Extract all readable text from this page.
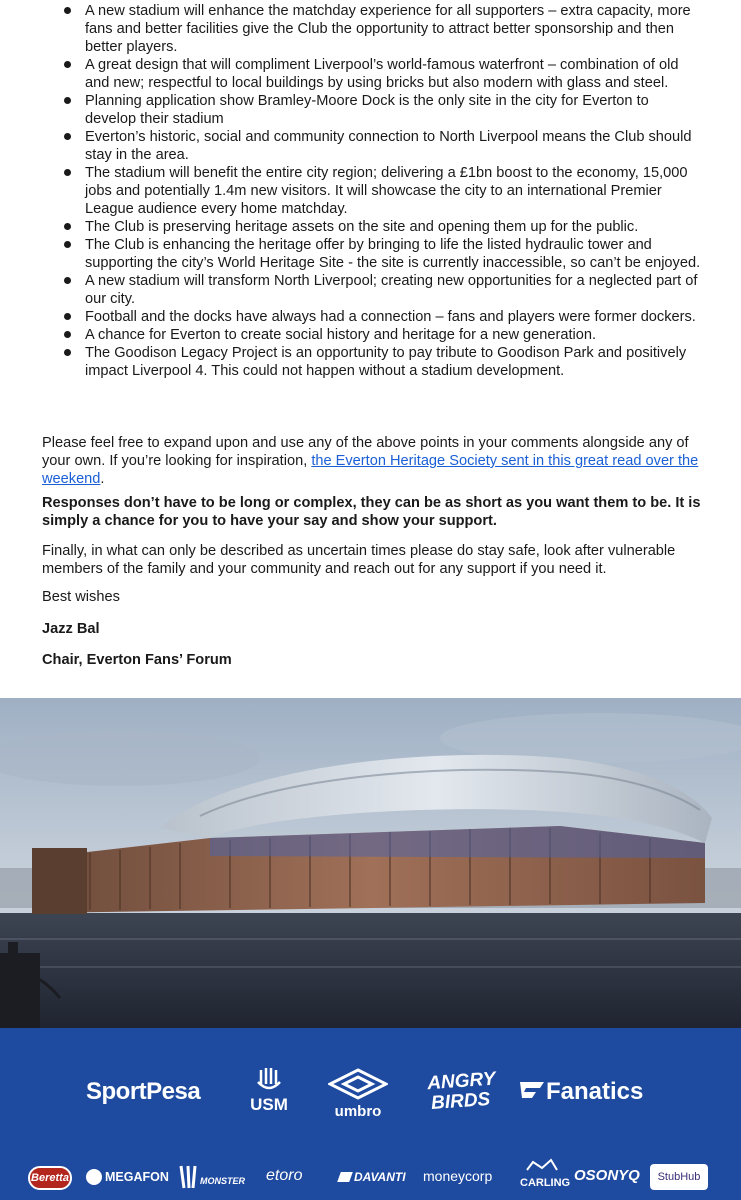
A new stadium will enhance the matchday experience for all supporters – extra capacity, more fans and better facilities give the Club the opportunity to attract better sponsorship and then better players.
A great design that will compliment Liverpool’s world-famous waterfront – combination of old and new; respectful to local buildings by using bricks but also modern with glass and steel.
Planning application show Bramley-Moore Dock is the only site in the city for Everton to develop their stadium
Everton’s historic, social and community connection to North Liverpool means the Club should stay in the area.
The stadium will benefit the entire city region; delivering a £1bn boost to the economy, 15,000 jobs and potentially 1.4m new visitors. It will showcase the city to an international Premier League audience every home matchday.
The Club is preserving heritage assets on the site and opening them up for the public.
The Club is enhancing the heritage offer by bringing to life the listed hydraulic tower and supporting the city’s World Heritage Site - the site is currently inaccessible, so can’t be enjoyed.
A new stadium will transform North Liverpool; creating new opportunities for a neglected part of our city.
Football and the docks have always had a connection – fans and players were former dockers.
A chance for Everton to create social history and heritage for a new generation.
The Goodison Legacy Project is an opportunity to pay tribute to Goodison Park and positively impact Liverpool 4. This could not happen without a stadium development.

Please feel free to expand upon and use any of the above points in your comments alongside any of your own. If you’re looking for inspiration, the Everton Heritage Society sent in this great read over the weekend.

Responses don’t have to be long or complex, they can be as short as you want them to be. It is simply a chance for you to have your say and show your support.

Finally, in what can only be described as uncertain times please do stay safe, look after vulnerable members of the family and your community and reach out for any support if you need it.

Best wishes

Jazz Bal

Chair, Everton Fans’ Forum

SportPesa	USM	umbro
ANGRY
BIRDS	Fanatics
Beretta	MEGAFON	MONSTER	etoro	DAVANTI moneycorp	CARLING OSONYQ	StubHub
